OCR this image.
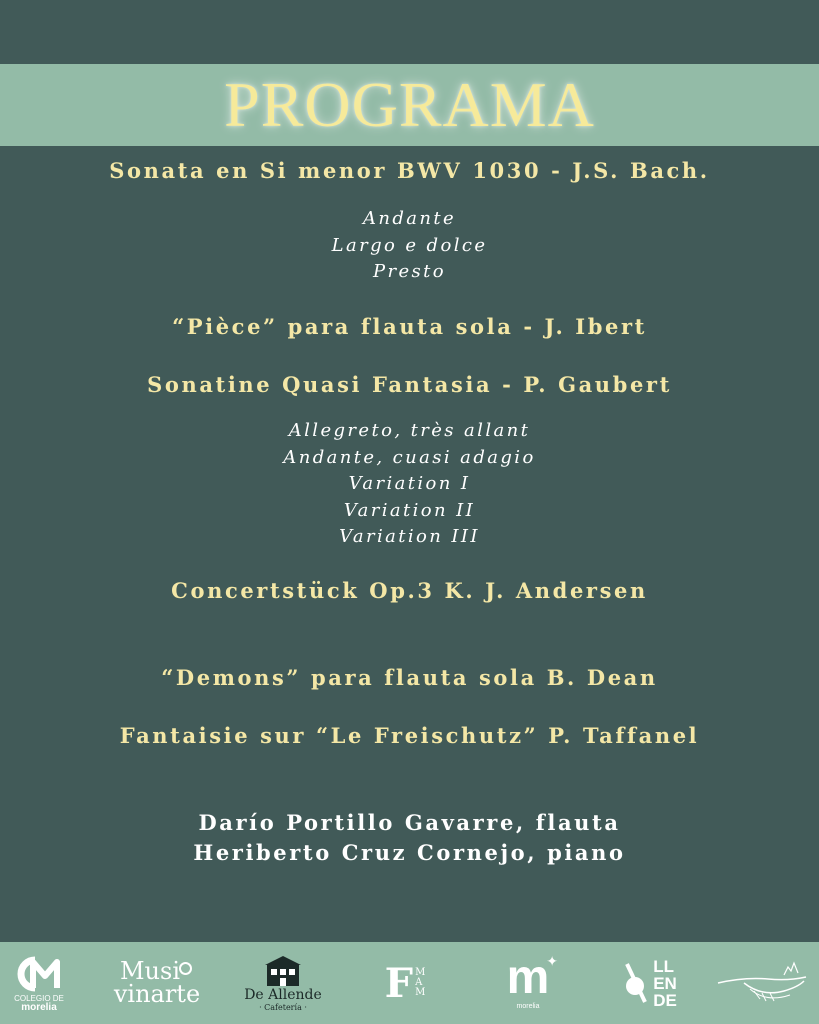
PROGRAMA
Sonata en Si menor BWV 1030 - J.S. Bach.
Andante
Largo e dolce
Presto
“Pièce” para flauta sola - J. Ibert
Sonatine Quasi Fantasia - P. Gaubert
Allegreto, très allant
Andante, cuasi adagio
Variation I
Variation II
Variation III
Concertstück Op.3 K. J. Andersen
“Demons” para flauta sola B. Dean
Fantaisie sur “Le Freischutz” P. Taffanel
Darío Portillo Gavarre, flauta
Heriberto Cruz Cornejo, piano
COLEGIO DE
morelia
Musi
vinarte	De Allende
· Cafetería ·
F M
A
M
✦
m
morelia
LL
EN
DE
